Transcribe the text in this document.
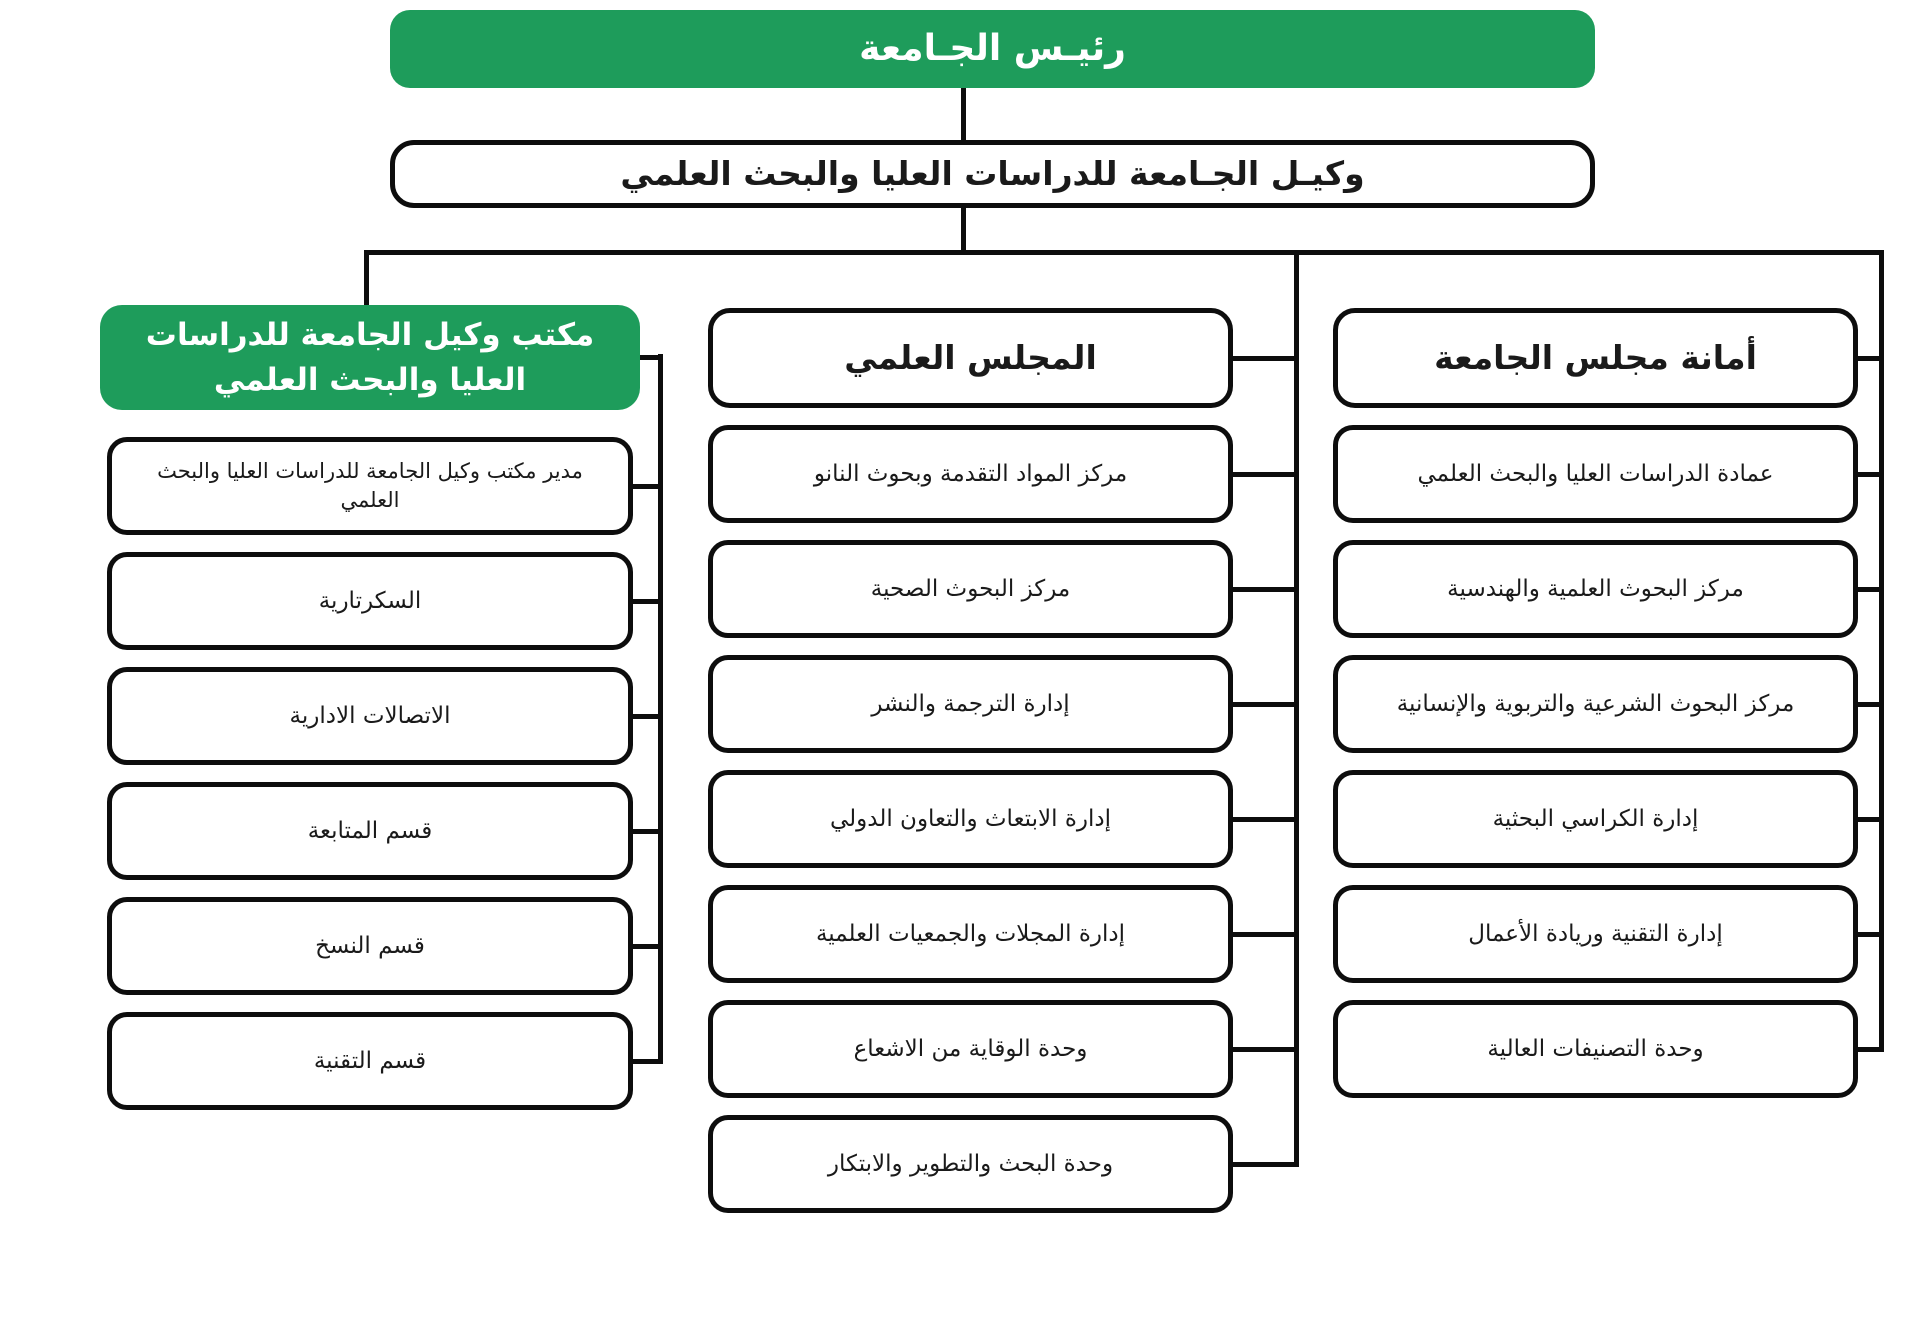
رئيـس الجـامعة
وكيـل الجـامعة للدراسات العليا والبحث العلمي
مكتب وكيل الجامعة للدراسات العليا والبحث العلمي
مدير مكتب وكيل الجامعة للدراسات العليا والبحث العلمي
السكرتارية
الاتصالات الادارية
قسم المتابعة
قسم النسخ
قسم التقنية
المجلس العلمي
مركز المواد التقدمة وبحوث النانو
مركز البحوث الصحية
إدارة الترجمة والنشر
إدارة الابتعاث والتعاون الدولي
إدارة المجلات والجمعيات العلمية
وحدة الوقاية من الاشعاع
وحدة البحث والتطوير والابتكار
أمانة مجلس الجامعة
عمادة الدراسات العليا والبحث العلمي
مركز البحوث العلمية والهندسية
مركز البحوث الشرعية والتربوية والإنسانية
إدارة الكراسي البحثية
إدارة التقنية وريادة الأعمال
وحدة التصنيفات العالية
